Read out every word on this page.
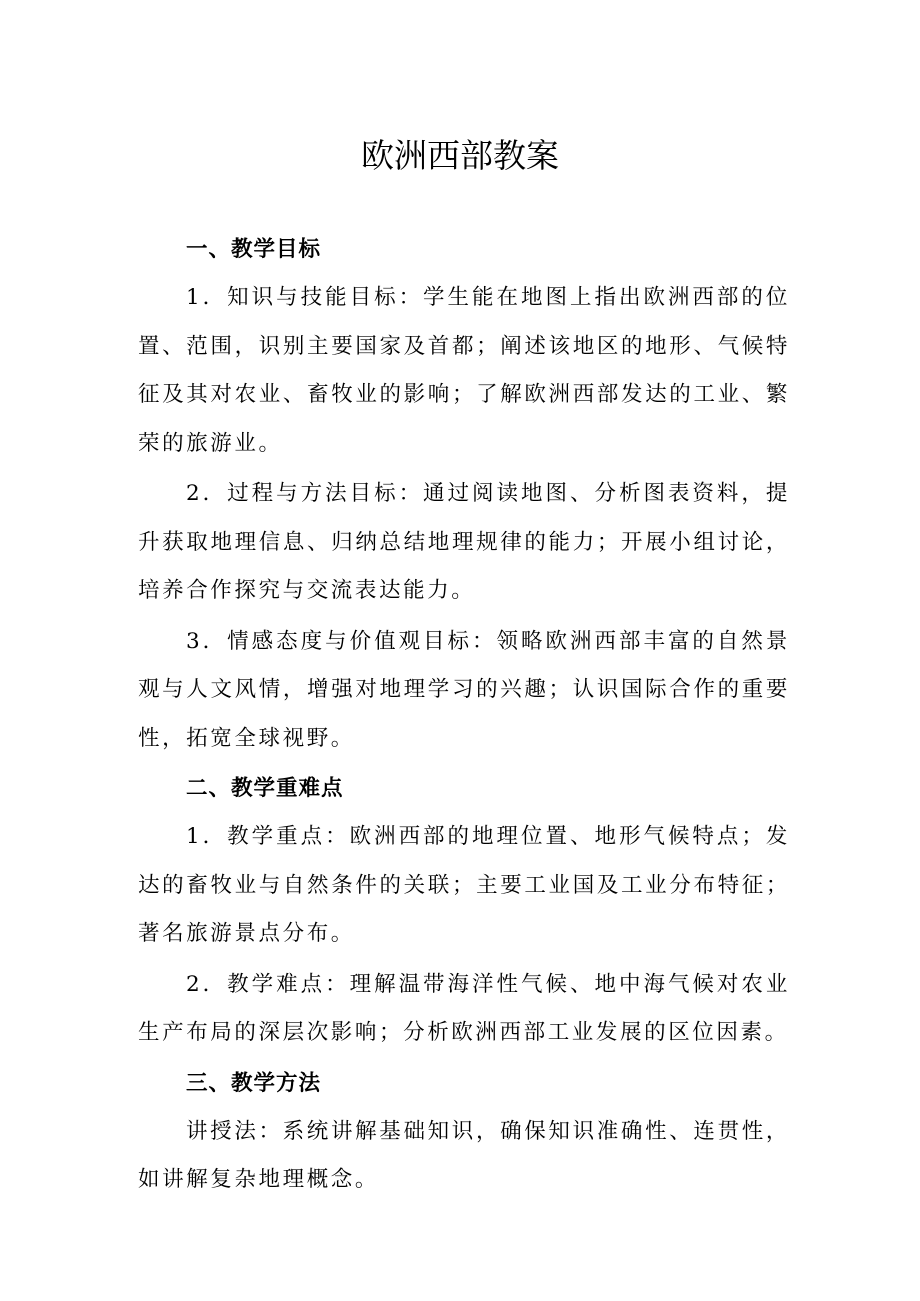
欧洲西部教案

一、教学目标

1．知识与技能目标：学生能在地图上指出欧洲西部的位置、范围，识别主要国家及首都；阐述该地区的地形、气候特征及其对农业、畜牧业的影响；了解欧洲西部发达的工业、繁荣的旅游业。

2．过程与方法目标：通过阅读地图、分析图表资料，提升获取地理信息、归纳总结地理规律的能力；开展小组讨论，培养合作探究与交流表达能力。

3．情感态度与价值观目标：领略欧洲西部丰富的自然景观与人文风情，增强对地理学习的兴趣；认识国际合作的重要性，拓宽全球视野。

二、教学重难点

1．教学重点：欧洲西部的地理位置、地形气候特点；发达的畜牧业与自然条件的关联；主要工业国及工业分布特征；著名旅游景点分布。

2．教学难点：理解温带海洋性气候、地中海气候对农业生产布局的深层次影响；分析欧洲西部工业发展的区位因素。

三、教学方法

讲授法：系统讲解基础知识，确保知识准确性、连贯性，如讲解复杂地理概念。
